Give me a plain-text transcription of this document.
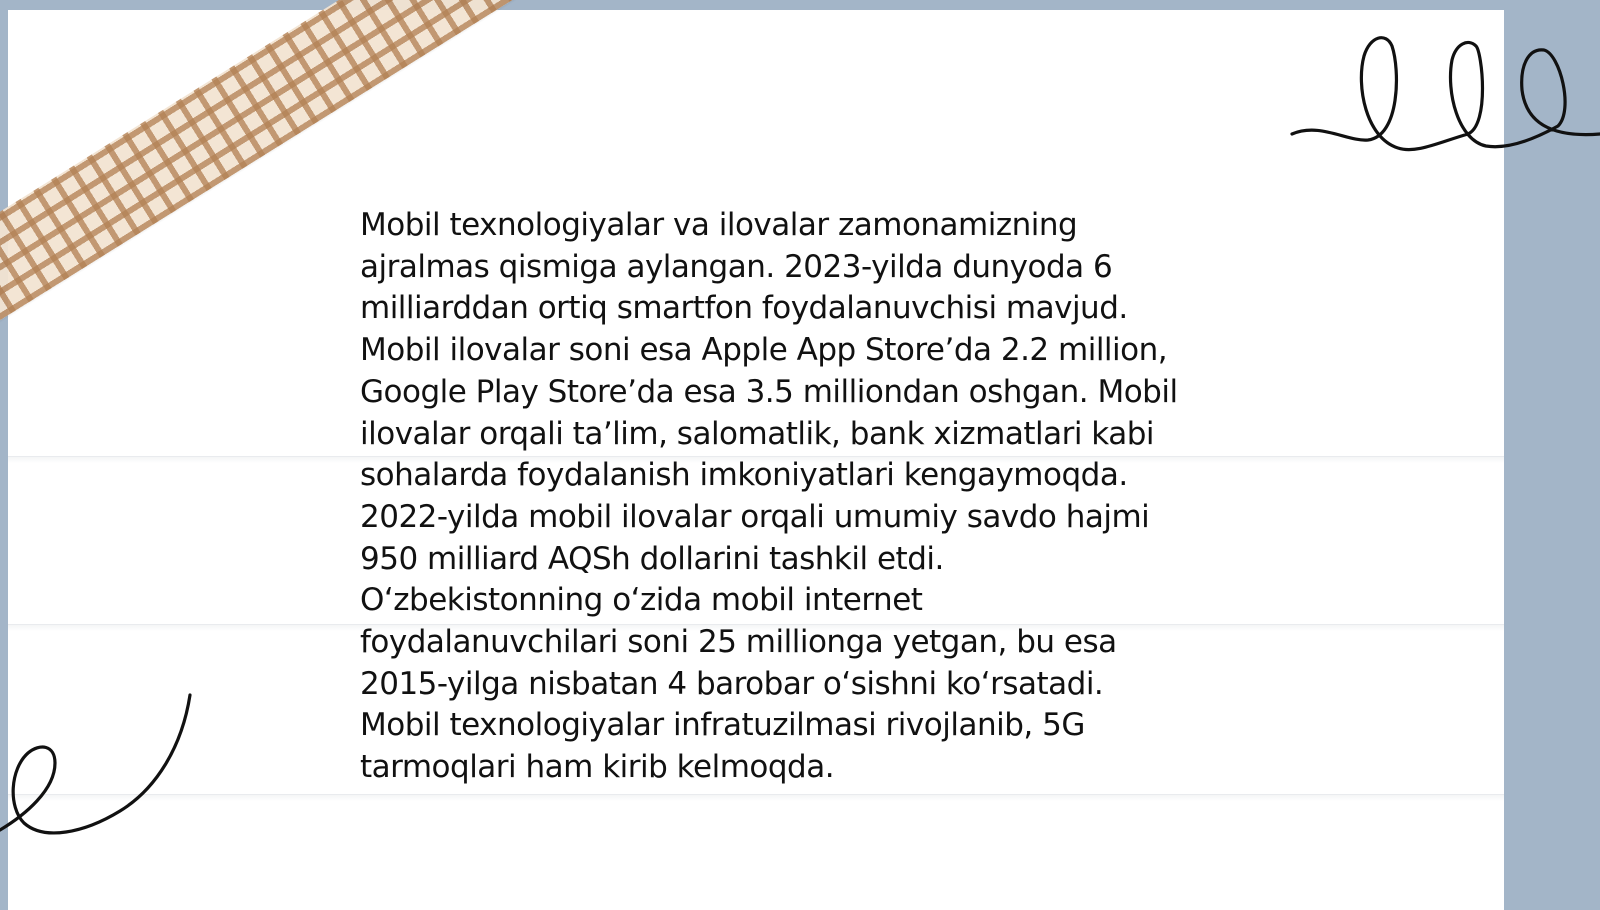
Mobil texnologiyalar va ilovalar zamonamizning
ajralmas qismiga aylangan. 2023-yilda dunyoda 6
milliarddan ortiq smartfon foydalanuvchisi mavjud.
Mobil ilovalar soni esa Apple App Store’da 2.2 million,
Google Play Store’da esa 3.5 milliondan oshgan. Mobil
ilovalar orqali ta’lim, salomatlik, bank xizmatlari kabi
sohalarda foydalanish imkoniyatlari kengaymoqda.
2022-yilda mobil ilovalar orqali umumiy savdo hajmi
950 milliard AQSh dollarini tashkil etdi.
O‘zbekistonning o‘zida mobil internet
foydalanuvchilari soni 25 millionga yetgan, bu esa
2015-yilga nisbatan 4 barobar o‘sishni ko‘rsatadi.
Mobil texnologiyalar infratuzilmasi rivojlanib, 5G
tarmoqlari ham kirib kelmoqda.
